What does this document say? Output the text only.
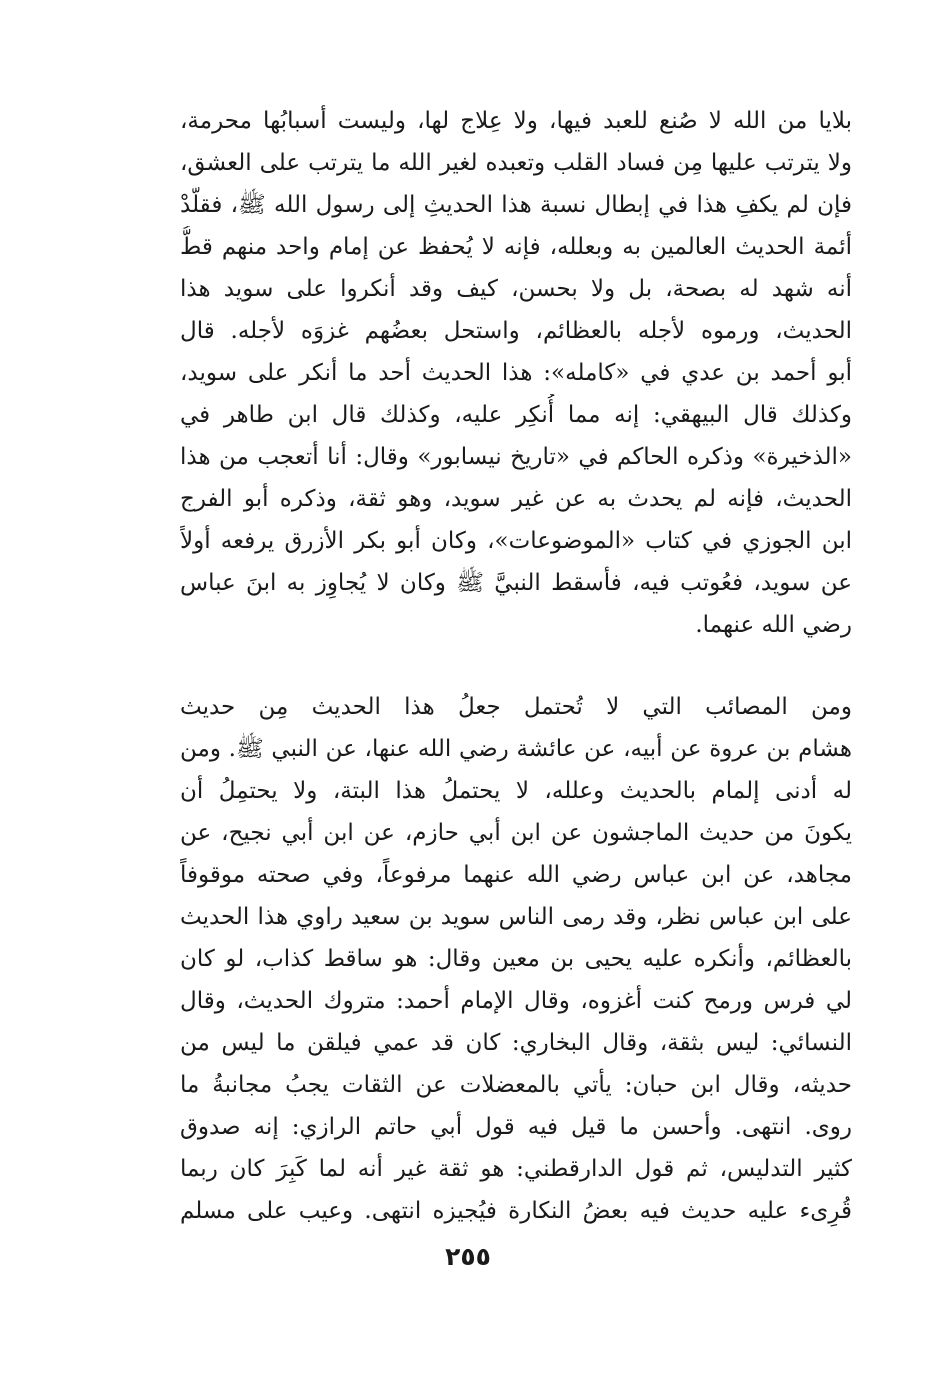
بلايا من الله لا صُنع للعبد فيها، ولا عِلاج لها، وليست أسبابُها محرمة،
ولا يترتب عليها مِن فساد القلب وتعبده لغير الله ما يترتب على العشق،
فإن لم يكفِ هذا في إبطال نسبة هذا الحديثِ إلى رسول الله ﷺ، فقلّدْ
أئمة الحديث العالمين به وبعلله، فإنه لا يُحفظ عن إمام واحد منهم قطُّ
أنه شهد له بصحة، بل ولا بحسن، كيف وقد أنكروا على سويد هذا
الحديث، ورموه لأجله بالعظائم، واستحل بعضُهم غزوَه لأجله. قال
أبو أحمد بن عدي في «كامله»: هذا الحديث أحد ما أنكر على سويد،
وكذلك قال البيهقي: إنه مما أُنكِر عليه، وكذلك قال ابن طاهر في
«الذخيرة» وذكره الحاكم في «تاريخ نيسابور» وقال: أنا أتعجب من هذا
الحديث، فإنه لم يحدث به عن غير سويد، وهو ثقة، وذكره أبو الفرج
ابن الجوزي في كتاب «الموضوعات»، وكان أبو بكر الأزرق يرفعه أولاً
عن سويد، فعُوتب فيه، فأسقط النبيَّ ﷺ وكان لا يُجاوِز به ابنَ عباس
رضي الله عنهما.
ومن المصائب التي لا تُحتمل جعلُ هذا الحديث مِن حديث
هشام بن عروة عن أبيه، عن عائشة رضي الله عنها، عن النبي ﷺ. ومن
له أدنى إلمام بالحديث وعلله، لا يحتملُ هذا البتة، ولا يحتمِلُ أن
يكونَ من حديث الماجشون عن ابن أبي حازم، عن ابن أبي نجيح، عن
مجاهد، عن ابن عباس رضي الله عنهما مرفوعاً، وفي صحته موقوفاً
على ابن عباس نظر، وقد رمى الناس سويد بن سعيد راوي هذا الحديث
بالعظائم، وأنكره عليه يحيى بن معين وقال: هو ساقط كذاب، لو كان
لي فرس ورمح كنت أغزوه، وقال الإمام أحمد: متروك الحديث، وقال
النسائي: ليس بثقة، وقال البخاري: كان قد عمي فيلقن ما ليس من
حديثه، وقال ابن حبان: يأتي بالمعضلات عن الثقات يجبُ مجانبةُ ما
روى. انتهى. وأحسن ما قيل فيه قول أبي حاتم الرازي: إنه صدوق
كثير التدليس، ثم قول الدارقطني: هو ثقة غير أنه لما كَبِرَ كان ربما
قُرِىء عليه حديث فيه بعضُ النكارة فيُجيزه انتهى. وعيب على مسلم
٢٥٥
